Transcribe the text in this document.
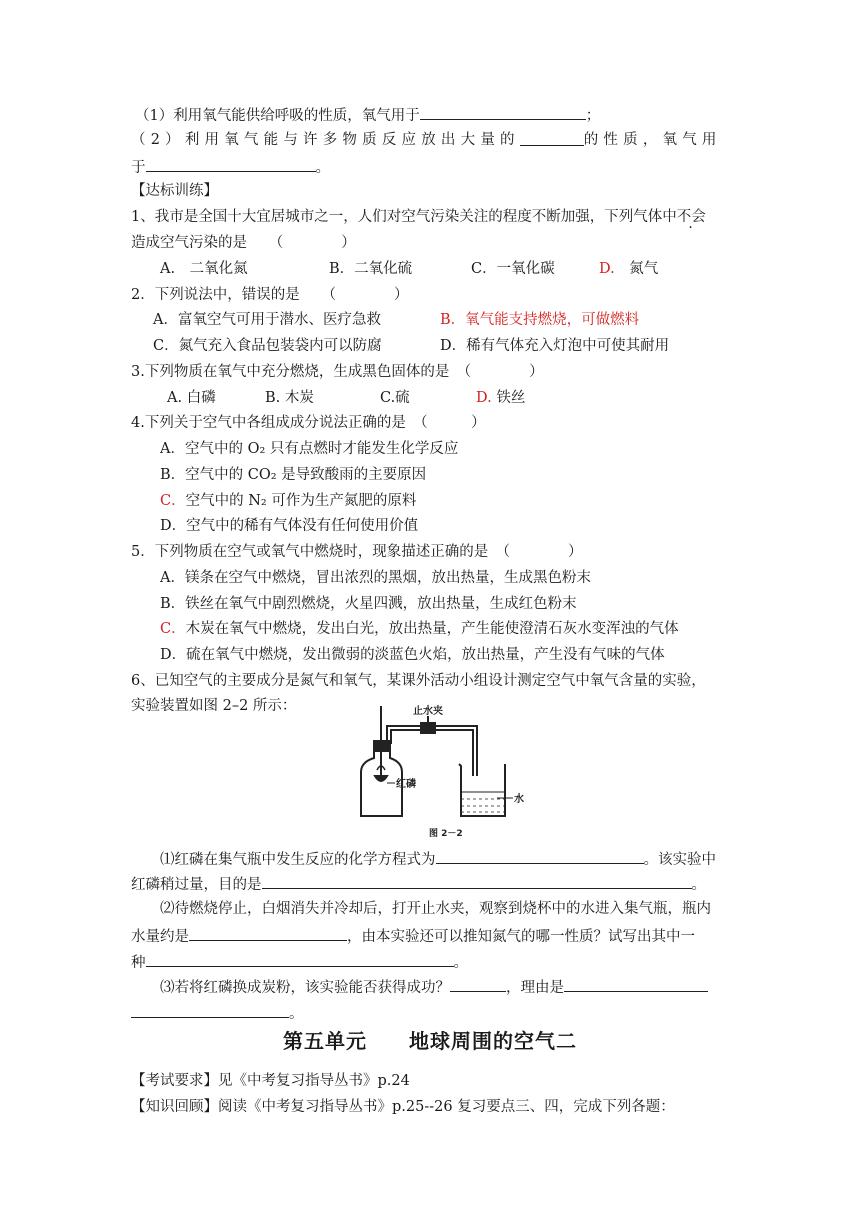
（1）利用氧气能供给呼吸的性质，氧气用于	；
（2）利用氧气能与许多物质反应放出大量的	的性质，氧气用
于	。
【达标训练】
1、我市是全国十大宜居城市之一，人们对空气污染关注的程度不断加强，下列气体中不会
造成空气污染的是　　（　　　　）
A.　二氧化氮	B．二氧化硫	C．一氧化碳	D.　氮气
2．下列说法中，错误的是　　（　　　　）
A．富氧空气可用于潜水、医疗急救	B．氧气能支持燃烧，可做燃料
C．氮气充入食品包装袋内可以防腐	D．稀有气体充入灯泡中可使其耐用
3.下列物质在氧气中充分燃烧，生成黑色固体的是　（　　　　）
A. 白磷	B. 木炭	C.硫	D. 铁丝
4.下列关于空气中各组成成分说法正确的是　（　　　）
A．空气中的 O₂ 只有点燃时才能发生化学反应
B．空气中的 CO₂ 是导致酸雨的主要原因
C．空气中的 N₂ 可作为生产氮肥的原料
D．空气中的稀有气体没有任何使用价值
5．下列物质在空气或氧气中燃烧时，现象描述正确的是　（　　　　）
A．镁条在空气中燃烧，冒出浓烈的黑烟，放出热量，生成黑色粉末
B．铁丝在氧气中剧烈燃烧，火星四溅，放出热量，生成红色粉末
C．木炭在氧气中燃烧，发出白光，放出热量，产生能使澄清石灰水变浑浊的气体
D．硫在氧气中燃烧，发出微弱的淡蓝色火焰，放出热量，产生没有气味的气体
6、已知空气的主要成分是氮气和氧气，某课外活动小组设计测定空气中氧气含量的实验，
实验装置如图 2–2 所示：	止水夹
红磷
水
图 2－2
⑴红磷在集气瓶中发生反应的化学方程式为	。该实验中
红磷稍过量，目的是	。
⑵待燃烧停止，白烟消失并冷却后，打开止水夹，观察到烧杯中的水进入集气瓶，瓶内
水量约是	，由本实验还可以推知氮气的哪一性质？试写出其中一
种	。
⑶若将红磷换成炭粉，该实验能否获得成功？	，理由是
。
第五单元　　地球周围的空气二
【考试要求】见《中考复习指导丛书》p.24
【知识回顾】阅读《中考复习指导丛书》p.25--26 复习要点三、四，完成下列各题：
